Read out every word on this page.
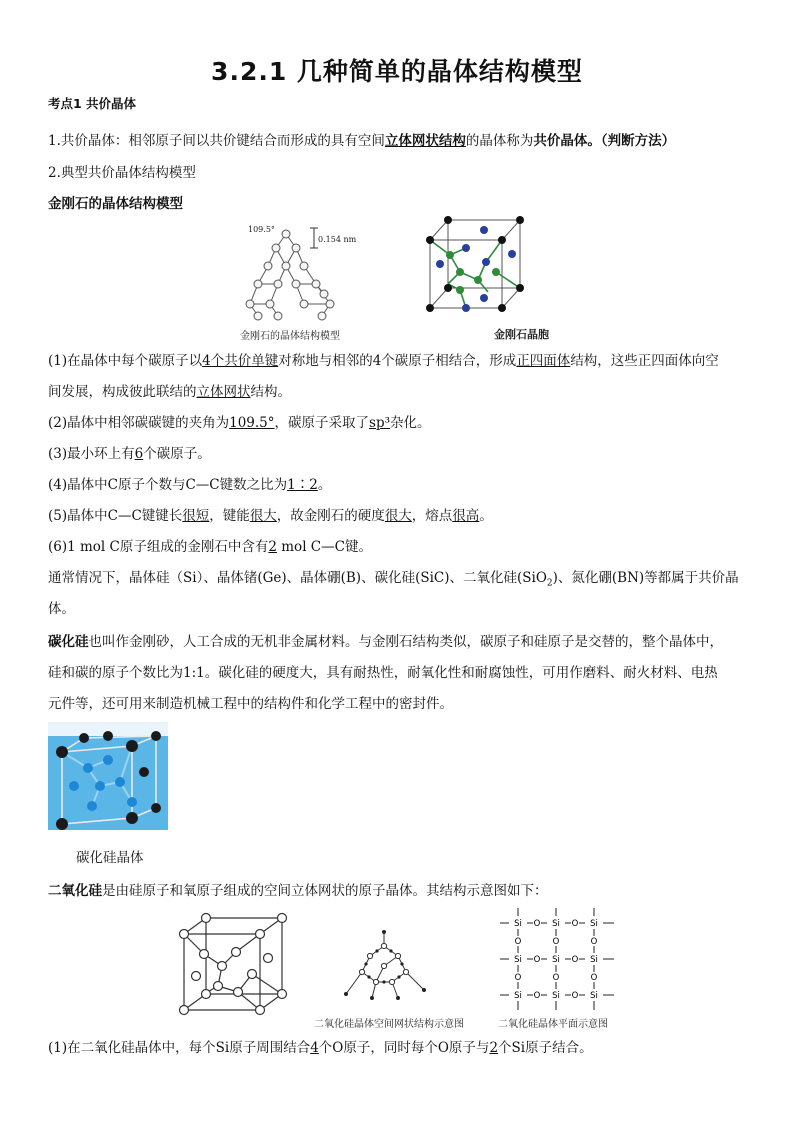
3.2.1 几种简单的晶体结构模型
考点1 共价晶体
1.共价晶体：相邻原子间以共价键结合而形成的具有空间立体网状结构的晶体称为共价晶体。（判断方法）
2.典型共价晶体结构模型
金刚石的晶体结构模型
109.5°
0.154 nm
金刚石的晶体结构模型	金刚石晶胞
(1)在晶体中每个碳原子以4个共价单键对称地与相邻的4个碳原子相结合，形成正四面体结构，这些正四面体向空
间发展，构成彼此联结的立体网状结构。
(2)晶体中相邻碳碳键的夹角为109.5°，碳原子采取了sp³杂化。
(3)最小环上有6个碳原子。
(4)晶体中C原子个数与C—C键数之比为1∶2。
(5)晶体中C—C键键长很短，键能很大，故金刚石的硬度很大，熔点很高。
(6)1 mol C原子组成的金刚石中含有2 mol C—C键。
通常情况下，晶体硅（Si）、晶体锗(Ge)、晶体硼(B)、碳化硅(SiC)、二氧化硅(SiO$_2$)、氮化硼(BN)等都属于共价晶
体。
碳化硅也叫作金刚砂，人工合成的无机非金属材料。与金刚石结构类似，碳原子和硅原子是交替的，整个晶体中，
硅和碳的原子个数比为1:1。碳化硅的硬度大，具有耐热性，耐氧化性和耐腐蚀性，可用作磨料、耐火材料、电热
元件等，还可用来制造机械工程中的结构件和化学工程中的密封件。
碳化硅晶体
二氧化硅是由硅原子和氧原子组成的空间立体网状的原子晶体。其结构示意图如下：
二氧化硅晶体空间网状结构示意图
Si	Si	Si
O	O
Si	Si	Si
O	O
Si	Si	Si
O	O
O
O
O
O
O
O
二氧化硅晶体平面示意图
(1)在二氧化硅晶体中，每个Si原子周围结合4个O原子，同时每个O原子与2个Si原子结合。
